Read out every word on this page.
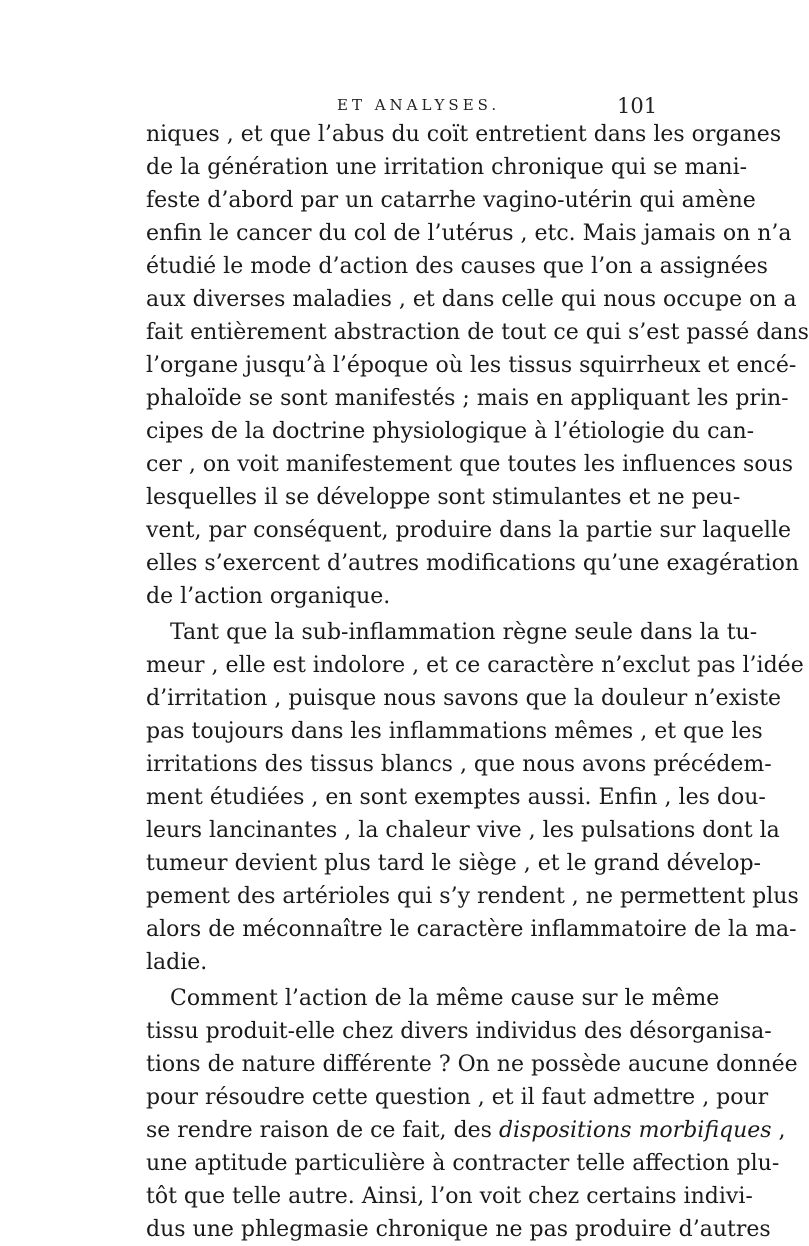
ET ANALYSES.	101
niques , et que l’abus du coït entretient dans les organes
de la génération une irritation chronique qui se mani-
feste d’abord par un catarrhe vagino-utérin qui amène
enfin le cancer du col de l’utérus , etc. Mais jamais on n’a
étudié le mode d’action des causes que l’on a assignées
aux diverses maladies , et dans celle qui nous occupe on a
fait entièrement abstraction de tout ce qui s’est passé dans
l’organe jusqu’à l’époque où les tissus squirrheux et encé-
phaloïde se sont manifestés ; mais en appliquant les prin-
cipes de la doctrine physiologique à l’étiologie du can-
cer , on voit manifestement que toutes les influences sous
lesquelles il se développe sont stimulantes et ne peu-
vent, par conséquent, produire dans la partie sur laquelle
elles s’exercent d’autres modifications qu’une exagération
de l’action organique.
Tant que la sub-inflammation règne seule dans la tu-
meur , elle est indolore , et ce caractère n’exclut pas l’idée
d’irritation , puisque nous savons que la douleur n’existe
pas toujours dans les inflammations mêmes , et que les
irritations des tissus blancs , que nous avons précédem-
ment étudiées , en sont exemptes aussi. Enfin , les dou-
leurs lancinantes , la chaleur vive , les pulsations dont la
tumeur devient plus tard le siège , et le grand dévelop-
pement des artérioles qui s’y rendent , ne permettent plus
alors de méconnaître le caractère inflammatoire de la ma-
ladie.
Comment l’action de la même cause sur le même
tissu produit-elle chez divers individus des désorganisa-
tions de nature différente ? On ne possède aucune donnée
pour résoudre cette question , et il faut admettre , pour
se rendre raison de ce fait, des dispositions morbifiques ,
une aptitude particulière à contracter telle affection plu-
tôt que telle autre. Ainsi, l’on voit chez certains indivi-
dus une phlegmasie chronique ne pas produire d’autres
